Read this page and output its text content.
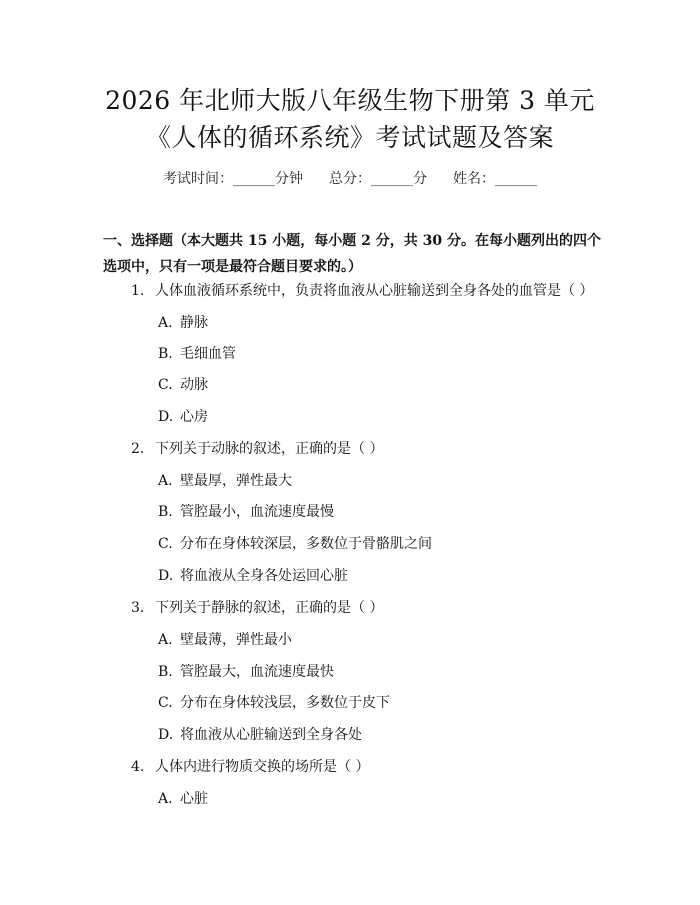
2026 年北师大版八年级生物下册第 3 单元
《人体的循环系统》考试试题及答案
考试时间：______分钟 总分：______分 姓名：______
一、选择题（本大题共 15 小题，每小题 2 分，共 30 分。在每小题列出的四个选项中，只有一项是最符合题目要求的。）
1. 人体血液循环系统中，负责将血液从心脏输送到全身各处的血管是（ ）
A. 静脉
B. 毛细血管
C. 动脉
D. 心房
2. 下列关于动脉的叙述，正确的是（ ）
A. 壁最厚，弹性最大
B. 管腔最小，血流速度最慢
C. 分布在身体较深层，多数位于骨骼肌之间
D. 将血液从全身各处运回心脏
3. 下列关于静脉的叙述，正确的是（ ）
A. 壁最薄，弹性最小
B. 管腔最大，血流速度最快
C. 分布在身体较浅层，多数位于皮下
D. 将血液从心脏输送到全身各处
4. 人体内进行物质交换的场所是（ ）
A. 心脏
